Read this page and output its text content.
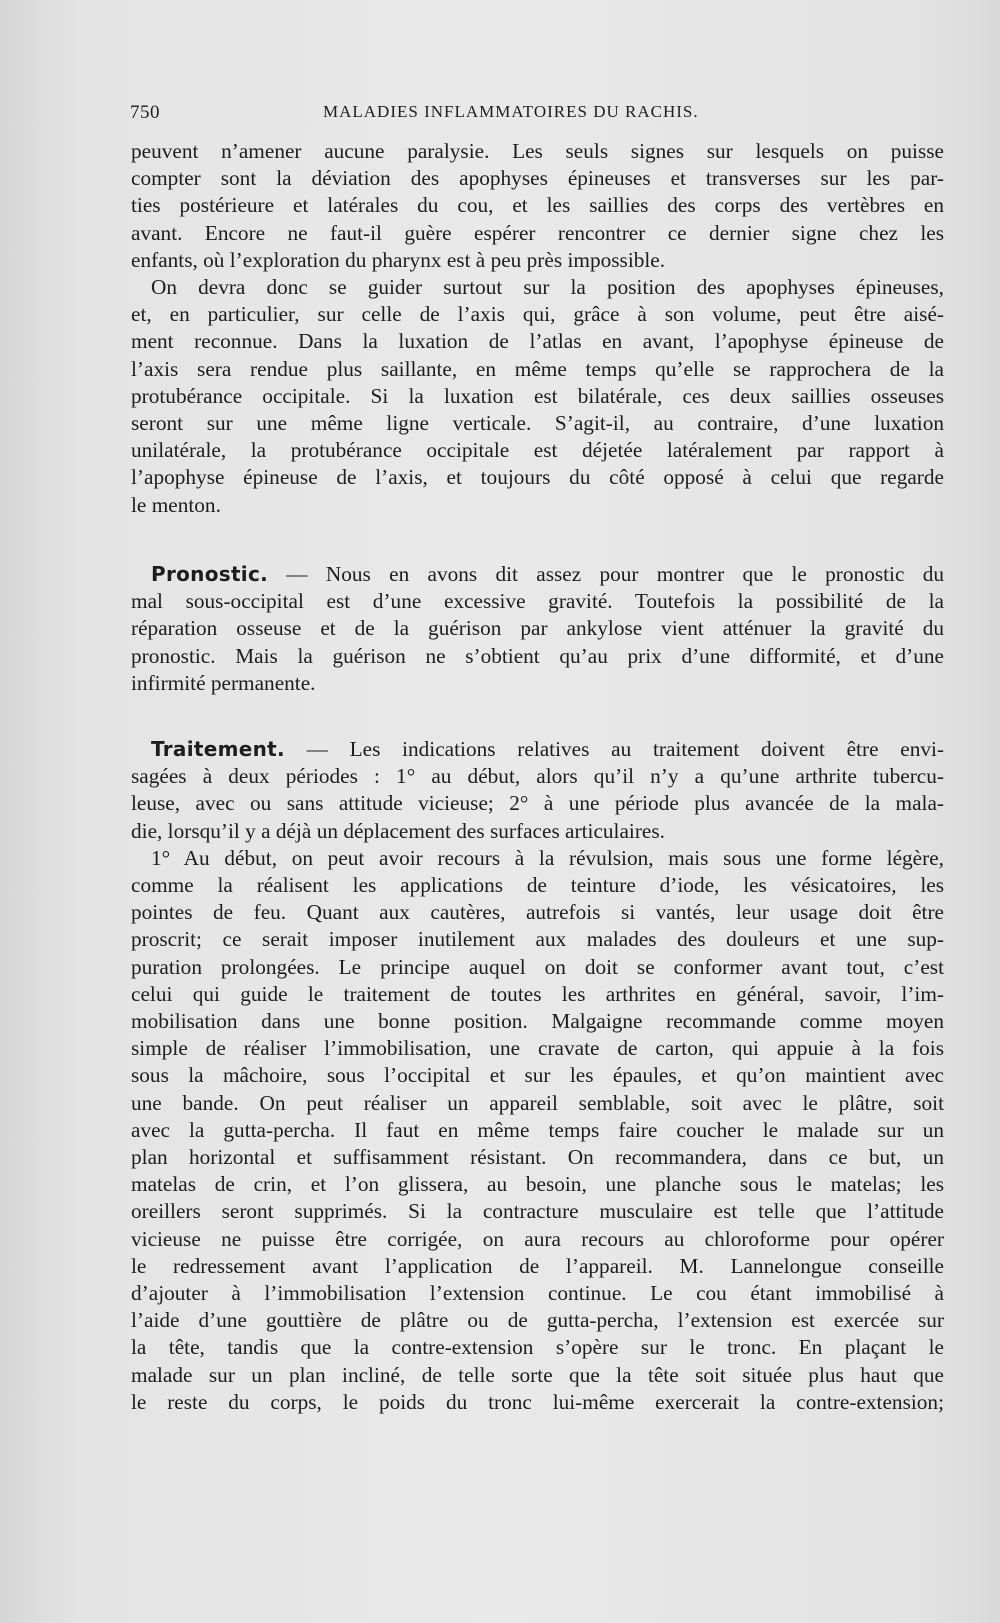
750	MALADIES INFLAMMATOIRES DU RACHIS.
peuvent n’amener aucune paralysie. Les seuls signes sur lesquels on puisse
compter sont la déviation des apophyses épineuses et transverses sur les par-
ties postérieure et latérales du cou, et les saillies des corps des vertèbres en
avant. Encore ne faut-il guère espérer rencontrer ce dernier signe chez les
enfants, où l’exploration du pharynx est à peu près impossible.
On devra donc se guider surtout sur la position des apophyses épineuses,
et, en particulier, sur celle de l’axis qui, grâce à son volume, peut être aisé-
ment reconnue. Dans la luxation de l’atlas en avant, l’apophyse épineuse de
l’axis sera rendue plus saillante, en même temps qu’elle se rapprochera de la
protubérance occipitale. Si la luxation est bilatérale, ces deux saillies osseuses
seront sur une même ligne verticale. S’agit-il, au contraire, d’une luxation
unilatérale, la protubérance occipitale est déjetée latéralement par rapport à
l’apophyse épineuse de l’axis, et toujours du côté opposé à celui que regarde
le menton.
Pronostic. — Nous en avons dit assez pour montrer que le pronostic du
mal sous-occipital est d’une excessive gravité. Toutefois la possibilité de la
réparation osseuse et de la guérison par ankylose vient atténuer la gravité du
pronostic. Mais la guérison ne s’obtient qu’au prix d’une difformité, et d’une
infirmité permanente.
Traitement. — Les indications relatives au traitement doivent être envi-
sagées à deux périodes : 1° au début, alors qu’il n’y a qu’une arthrite tubercu-
leuse, avec ou sans attitude vicieuse; 2° à une période plus avancée de la mala-
die, lorsqu’il y a déjà un déplacement des surfaces articulaires.
1° Au début, on peut avoir recours à la révulsion, mais sous une forme légère,
comme la réalisent les applications de teinture d’iode, les vésicatoires, les
pointes de feu. Quant aux cautères, autrefois si vantés, leur usage doit être
proscrit; ce serait imposer inutilement aux malades des douleurs et une sup-
puration prolongées. Le principe auquel on doit se conformer avant tout, c’est
celui qui guide le traitement de toutes les arthrites en général, savoir, l’im-
mobilisation dans une bonne position. Malgaigne recommande comme moyen
simple de réaliser l’immobilisation, une cravate de carton, qui appuie à la fois
sous la mâchoire, sous l’occipital et sur les épaules, et qu’on maintient avec
une bande. On peut réaliser un appareil semblable, soit avec le plâtre, soit
avec la gutta-percha. Il faut en même temps faire coucher le malade sur un
plan horizontal et suffisamment résistant. On recommandera, dans ce but, un
matelas de crin, et l’on glissera, au besoin, une planche sous le matelas; les
oreillers seront supprimés. Si la contracture musculaire est telle que l’attitude
vicieuse ne puisse être corrigée, on aura recours au chloroforme pour opérer
le redressement avant l’application de l’appareil. M. Lannelongue conseille
d’ajouter à l’immobilisation l’extension continue. Le cou étant immobilisé à
l’aide d’une gouttière de plâtre ou de gutta-percha, l’extension est exercée sur
la tête, tandis que la contre-extension s’opère sur le tronc. En plaçant le
malade sur un plan incliné, de telle sorte que la tête soit située plus haut que
le reste du corps, le poids du tronc lui-même exercerait la contre-extension;
